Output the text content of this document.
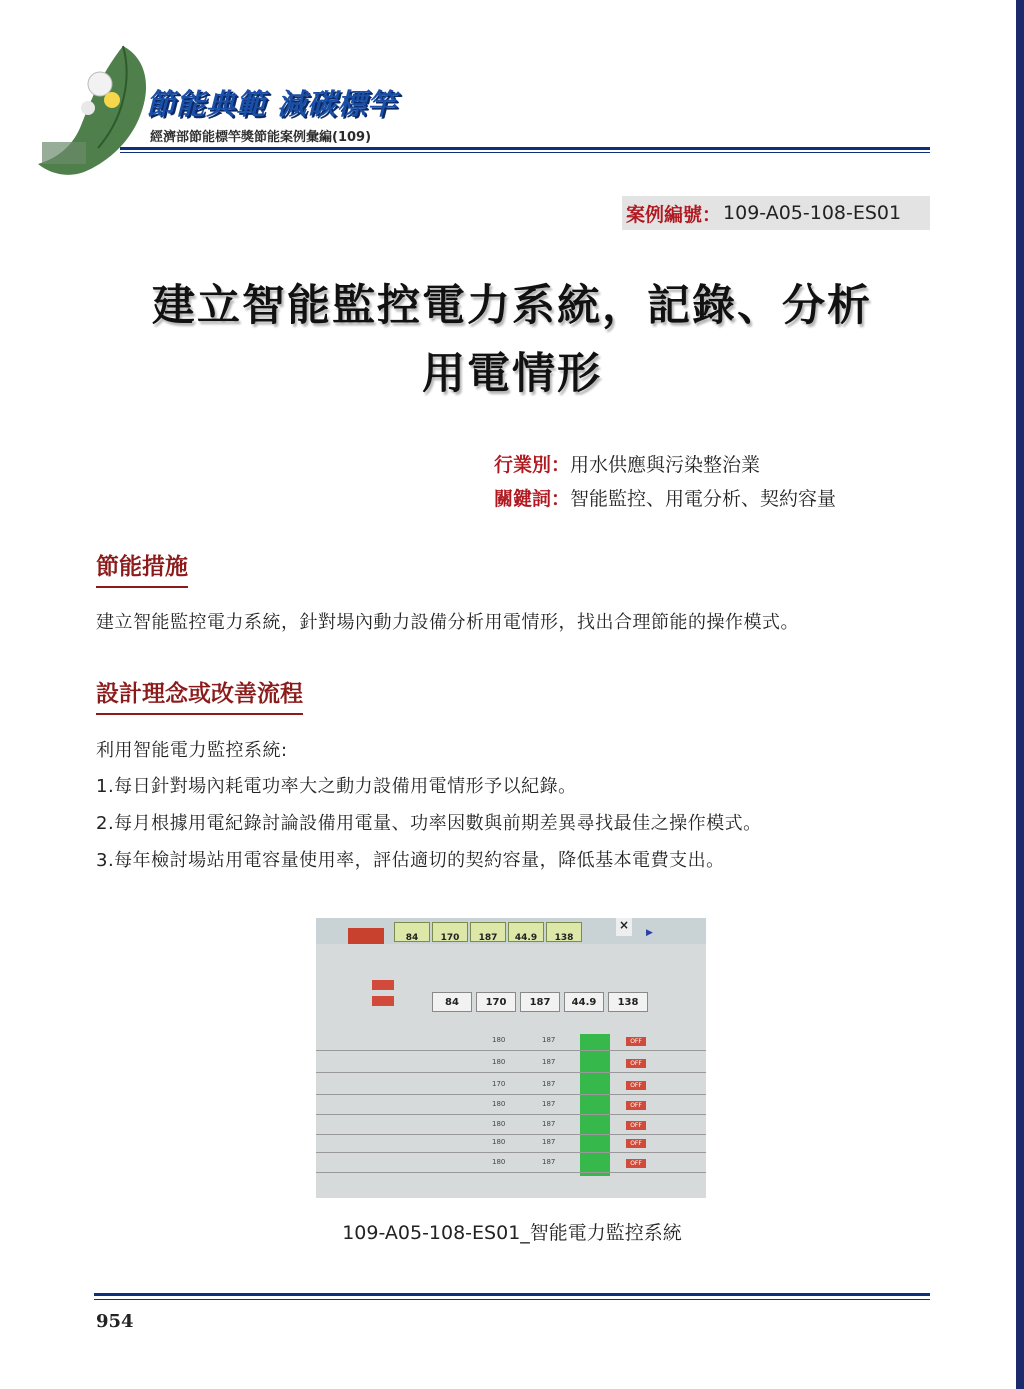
節能典範 減碳標竿
經濟部節能標竿獎節能案例彙編(109)
案例編號： 109-A05-108-ES01
建立智能監控電力系統，記錄、分析
用電情形
行業別：用水供應與污染整治業
關鍵詞：智能監控、用電分析、契約容量
節能措施
建立智能監控電力系統，針對場內動力設備分析用電情形，找出合理節能的操作模式。
設計理念或改善流程
利用智能電力監控系統:
1.每日針對場內耗電功率大之動力設備用電情形予以紀錄。
2.每月根據用電紀錄討論設備用電量、功率因數與前期差異尋找最佳之操作模式。
3.每年檢討場站用電容量使用率，評估適切的契約容量，降低基本電費支出。
84	170	187	44.9	138
×
▶
84	170	187	44.9	138
180	187	OFF
180	187	OFF
170	187	OFF
180	187	OFF
180	187	OFF
180	187	OFF
180	187	OFF
109-A05-108-ES01_智能電力監控系統
954
